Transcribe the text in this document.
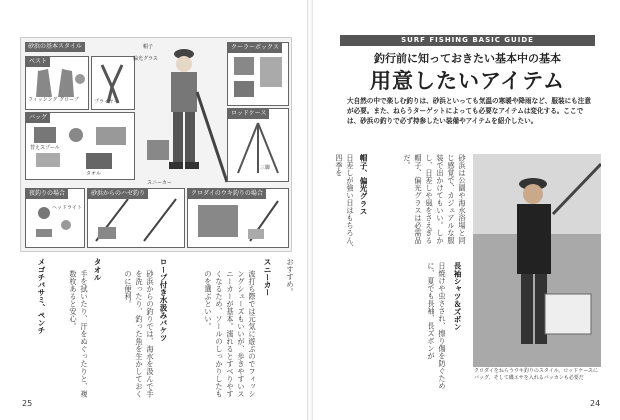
砂浜の基本スタイル
ベスト
フィッシング グローブ	プライヤー
バッグ
替えスプール
タオル
帽子
偏光グラス
スニーカー
クーラーボックス
ロッドケース
三脚
夜釣りの場合
ヘッドライト
砂浜からのハゼ釣り	クロダイのウキ釣りの場合
おすすめ。
スニーカー
波打ち際では元気に遊ぶのでフィッシングシューズもいいが、歩きやすいスニーカーが基本。濡れるとすべりやすくなるため、ソールのしっかりしたものを選ぶといい。
ロープ付き水汲みバケツ
砂浜からの釣りでは、海水を汲んで手を洗ったり、釣った魚を生かしておくのに便利。
タオル
手を拭いたり、汗をぬぐったりと、複数枚あると安心。
メゴチバサミ、ペンチ
25
SURF FISHING BASIC GUIDE
釣行前に知っておきたい基本中の基本
用意したいアイテム
大自然の中で楽しむ釣りは、砂浜といっても気温の寒暖や降雨など、服装にも注意が必要。また、ねらうターゲットによっても必要なアイテムは変化する。ここでは、砂浜の釣りで必ず持参したい装備やアイテムを紹介したい。
砂浜は公園や海水浴場と同じ感覚で、カジュアルな服装で出かけてもいい。しかし、日差しや風をさえぎる帽子、偏光グラスは必需品だ。
帽子、偏光グラス
日差しが強い日はもちろん、四季を
長袖シャツ＆ズボン
日焼けや虫さされ、擦り傷を防ぐために、夏でも長袖、長ズボンが
クロダイをねらうウキ釣りのスタイル。ロッドケースにバッグ、そして磯エサを入れるバッカンも必要だ
24
